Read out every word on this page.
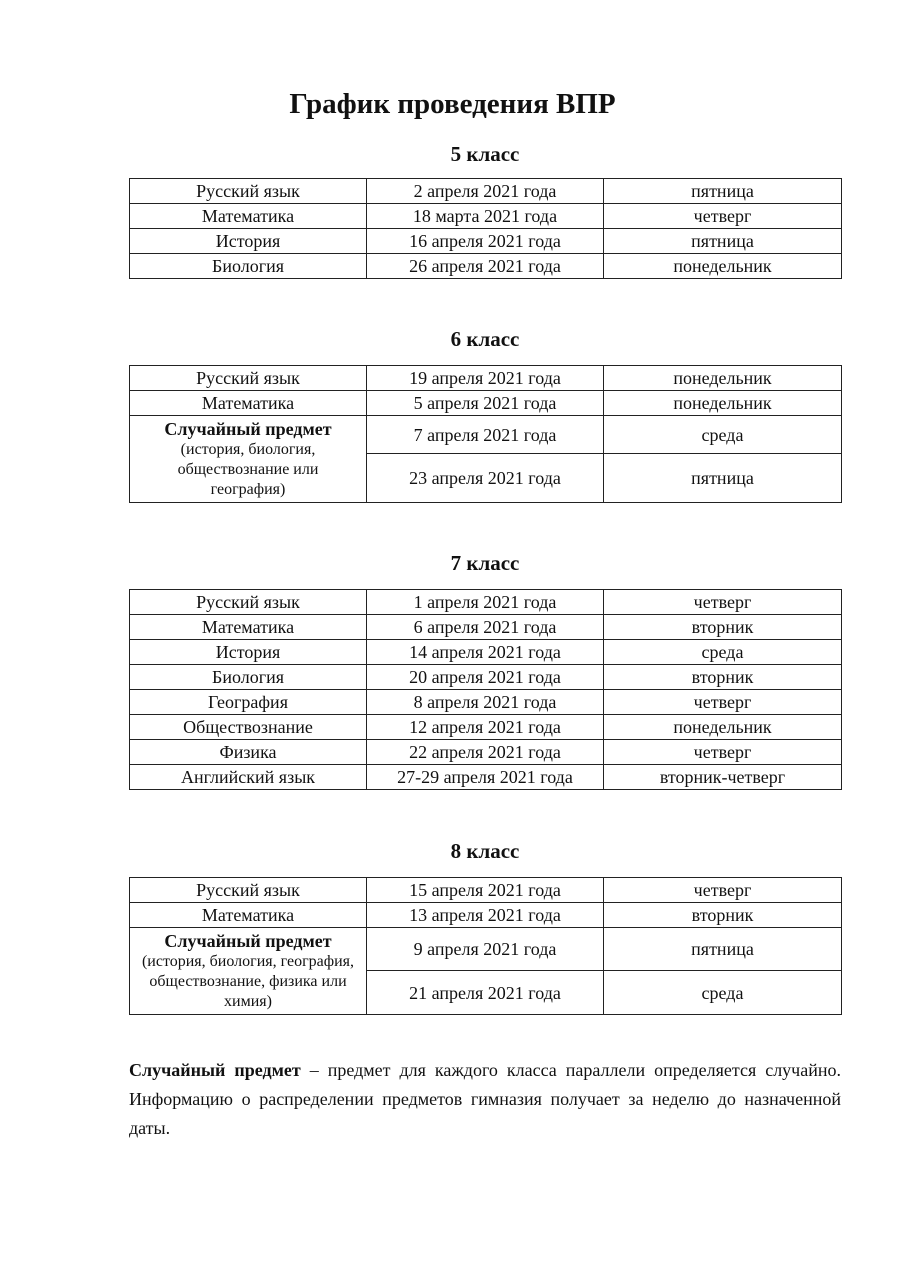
График проведения ВПР
5 класс
Русский язык	2 апреля 2021 года	пятница
Математика	18 марта 2021 года	четверг
История	16 апреля 2021 года	пятница
Биология	26 апреля 2021 года	понедельник
6 класс
Русский язык	19 апреля 2021 года	понедельник
Математика	5 апреля 2021 года	понедельник

Случайный предмет
(история, биология, обществознание или география)	7 апреля 2021 года	среда
	23 апреля 2021 года	пятница
7 класс
Русский язык	1 апреля 2021 года	четверг
Математика	6 апреля 2021 года	вторник
История	14 апреля 2021 года	среда
Биология	20 апреля 2021 года	вторник
География	8 апреля 2021 года	четверг
Обществознание	12 апреля 2021 года	понедельник
Физика	22 апреля 2021 года	четверг
Английский язык	27-29 апреля 2021 года	вторник-четверг
8 класс
Русский язык	15 апреля 2021 года	четверг
Математика	13 апреля 2021 года	вторник

Случайный предмет
(история, биология, география, обществознание, физика или химия)	9 апреля 2021 года	пятница
	21 апреля 2021 года	среда
Случайный предмет – предмет для каждого класса параллели определяется случайно. Информацию о распределении предметов гимназия получает за неделю до назначенной даты.
